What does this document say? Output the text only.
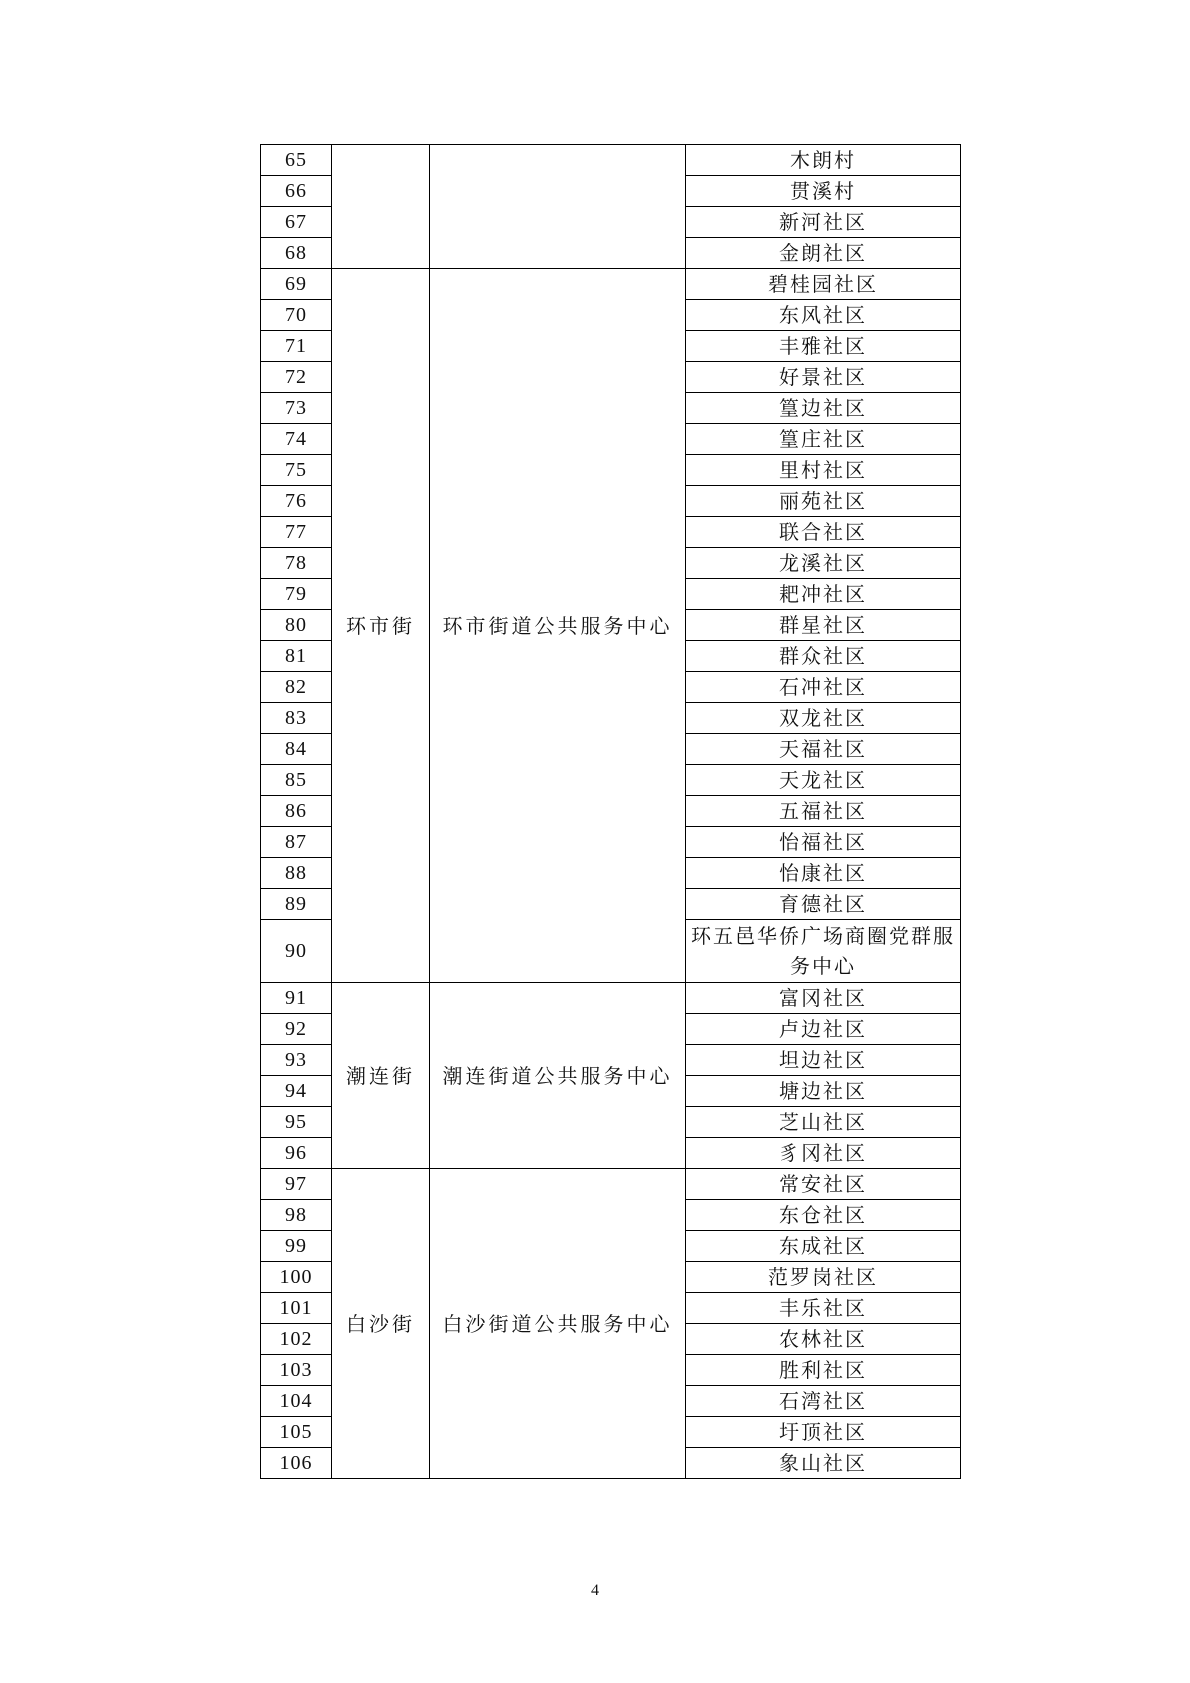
65			木朗村
66			贯溪村
67			新河社区
68			金朗社区
69	环市街	环市街道公共服务中心	碧桂园社区
70			东风社区
71			丰雅社区
72			好景社区
73			篁边社区
74			篁庄社区
75			里村社区
76			丽苑社区
77			联合社区
78			龙溪社区
79			耙冲社区
80			群星社区
81			群众社区
82			石冲社区
83			双龙社区
84			天福社区
85			天龙社区
86			五福社区
87			怡福社区
88			怡康社区
89			育德社区
90			环五邑华侨广场商圈党群服务中心
91	潮连街	潮连街道公共服务中心	富冈社区
92			卢边社区
93			坦边社区
94			塘边社区
95			芝山社区
96			豸冈社区
97	白沙街	白沙街道公共服务中心	常安社区
98			东仓社区
99			东成社区
100			范罗岗社区
101			丰乐社区
102			农林社区
103			胜利社区
104			石湾社区
105			圩顶社区
106			象山社区
4
